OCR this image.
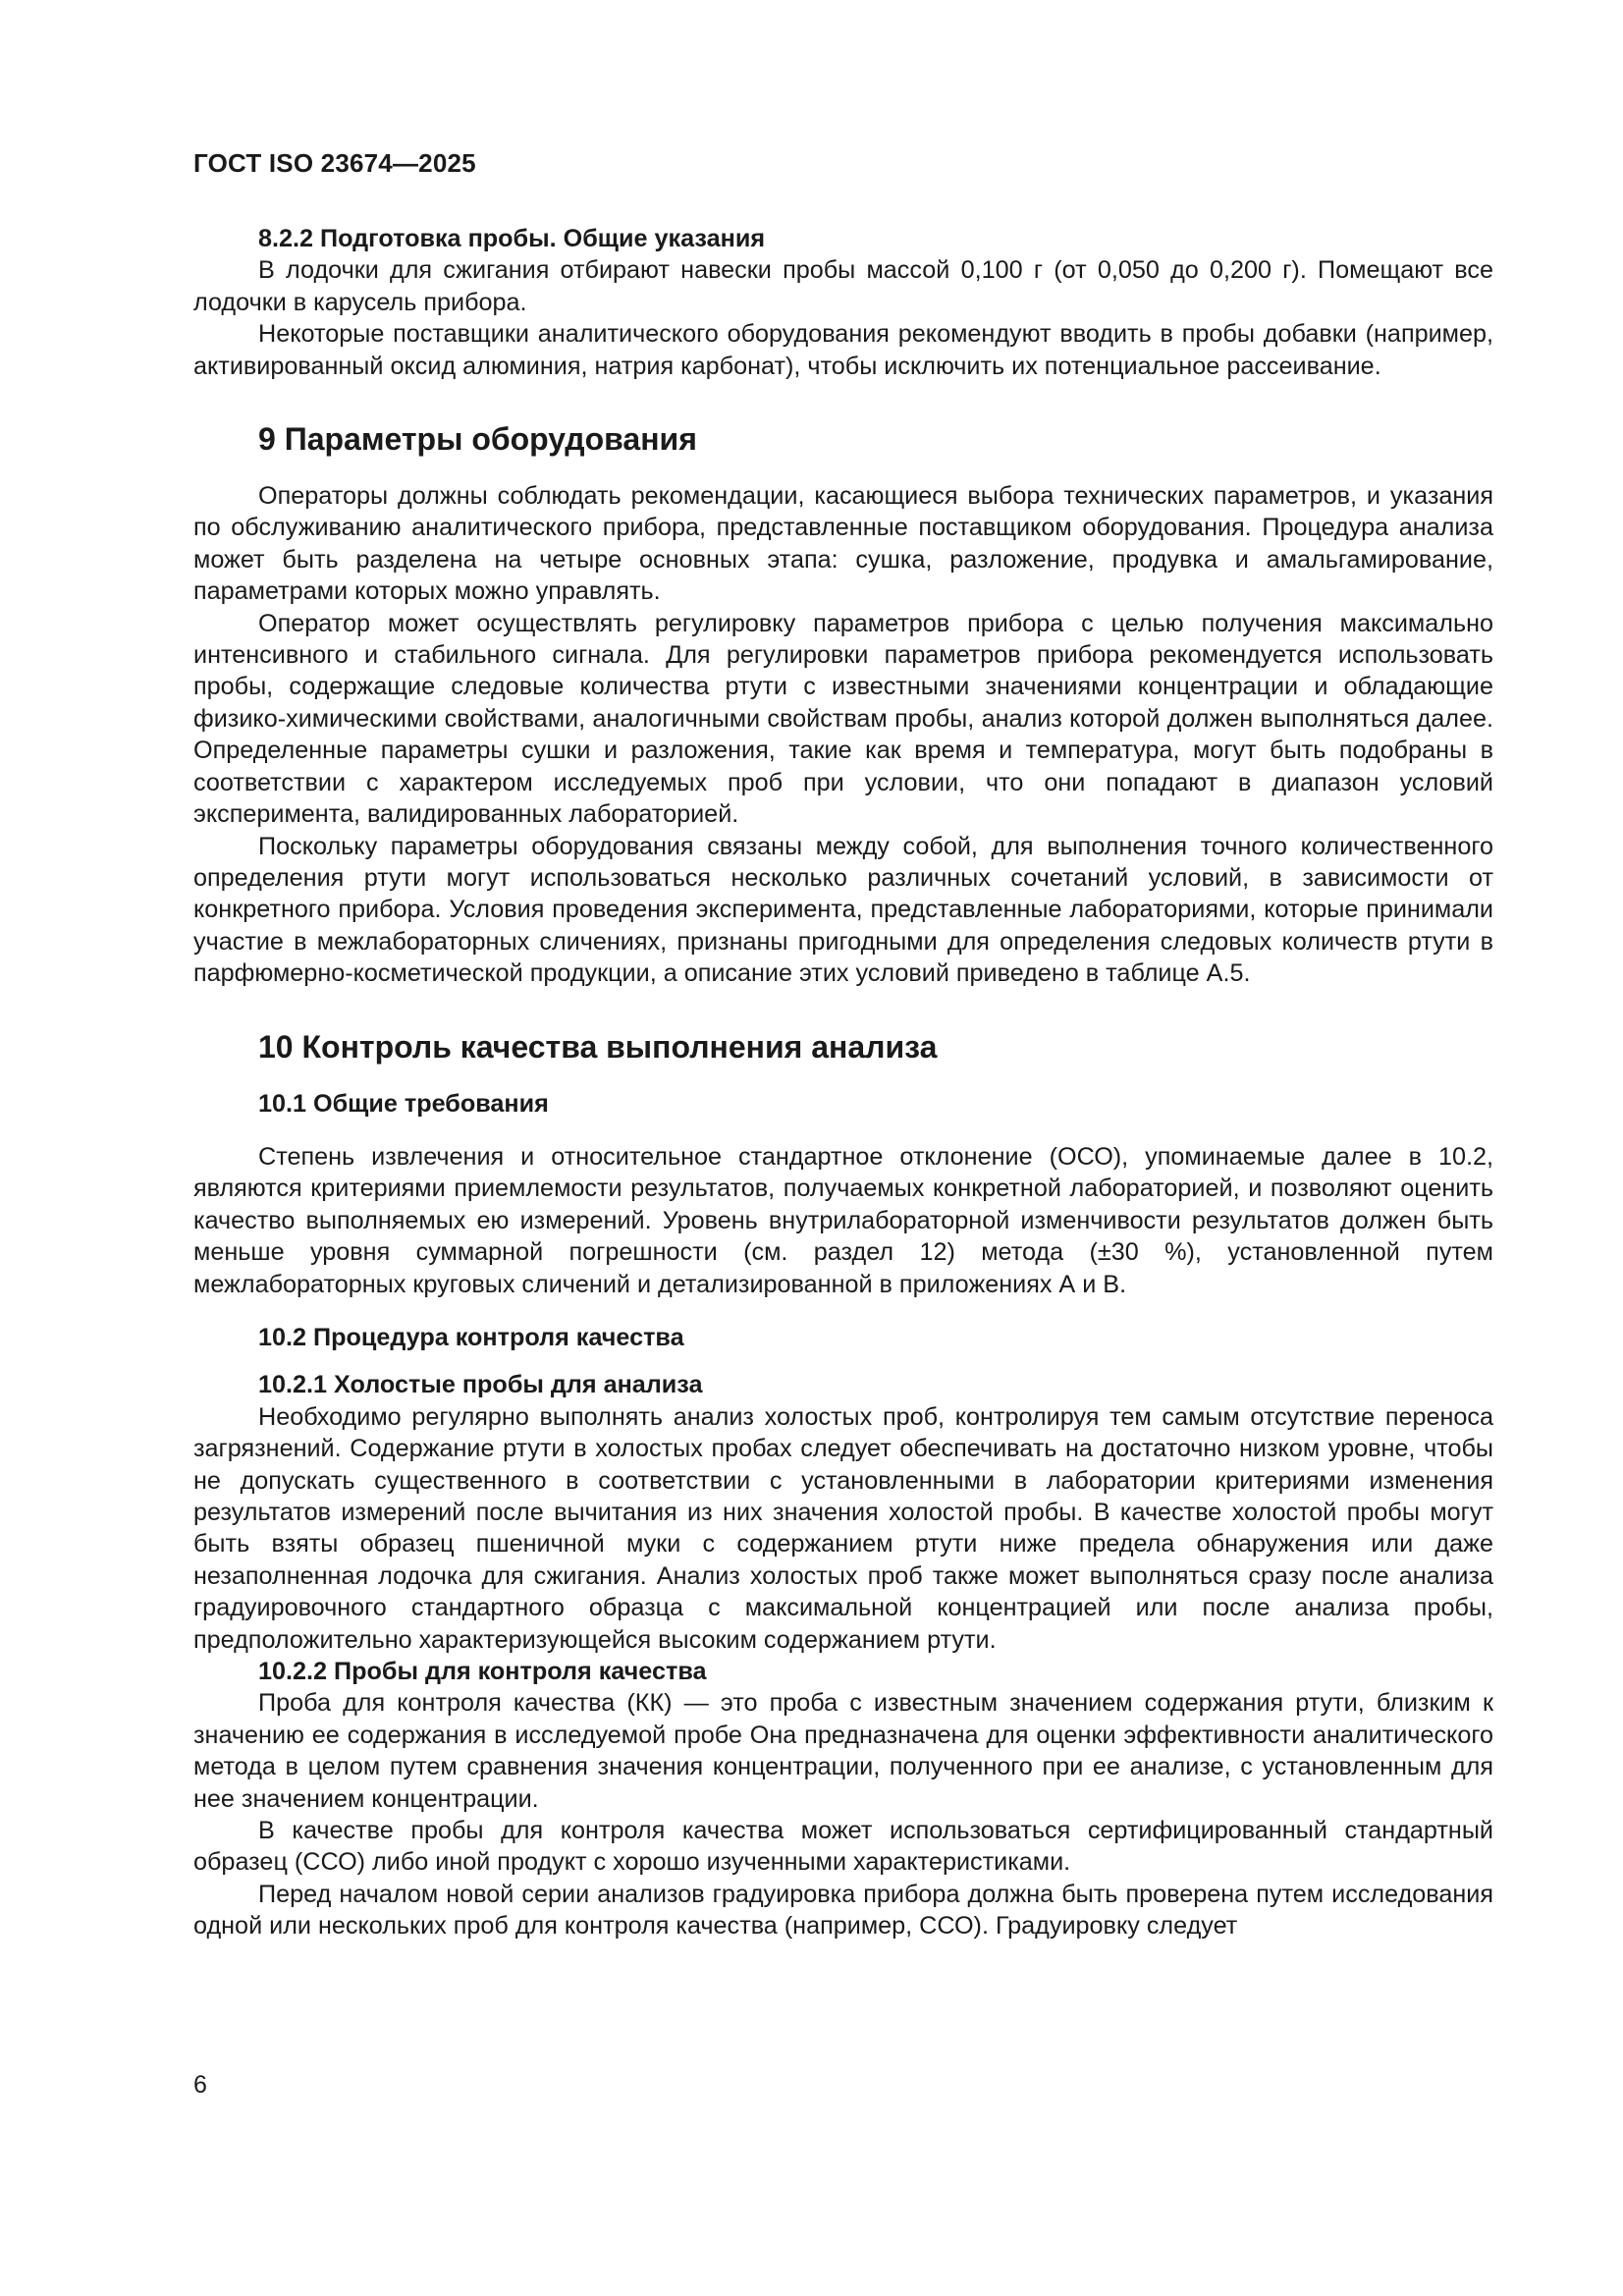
ГОСТ ISO 23674—2025
8.2.2 Подготовка пробы. Общие указания

В лодочки для сжигания отбирают навески пробы массой 0,100 г (от 0,050 до 0,200 г). Помещают все лодочки в карусель прибора.

Некоторые поставщики аналитического оборудования рекомендуют вводить в пробы добавки (например, активированный оксид алюминия, натрия карбонат), чтобы исключить их потенциальное рассеивание.

9 Параметры оборудования

Операторы должны соблюдать рекомендации, касающиеся выбора технических параметров, и указания по обслуживанию аналитического прибора, представленные поставщиком оборудования. Процедура анализа может быть разделена на четыре основных этапа: сушка, разложение, продувка и амальгамирование, параметрами которых можно управлять.

Оператор может осуществлять регулировку параметров прибора с целью получения максимально интенсивного и стабильного сигнала. Для регулировки параметров прибора рекомендуется использовать пробы, содержащие следовые количества ртути с известными значениями концентрации и обладающие физико-химическими свойствами, аналогичными свойствам пробы, анализ которой должен выполняться далее. Определенные параметры сушки и разложения, такие как время и температура, могут быть подобраны в соответствии с характером исследуемых проб при условии, что они попадают в диапазон условий эксперимента, валидированных лабораторией.

Поскольку параметры оборудования связаны между собой, для выполнения точного количественного определения ртути могут использоваться несколько различных сочетаний условий, в зависимости от конкретного прибора. Условия проведения эксперимента, представленные лабораториями, которые принимали участие в межлабораторных сличениях, признаны пригодными для определения следовых количеств ртути в парфюмерно-косметической продукции, а описание этих условий приведено в таблице А.5.

10 Контроль качества выполнения анализа
10.1 Общие требования

Степень извлечения и относительное стандартное отклонение (ОСО), упоминаемые далее в 10.2, являются критериями приемлемости результатов, получаемых конкретной лабораторией, и позволяют оценить качество выполняемых ею измерений. Уровень внутрилабораторной изменчивости результатов должен быть меньше уровня суммарной погрешности (см. раздел 12) метода (±30 %), установленной путем межлабораторных круговых сличений и детализированной в приложениях А и В.

10.2 Процедура контроля качества
10.2.1 Холостые пробы для анализа

Необходимо регулярно выполнять анализ холостых проб, контролируя тем самым отсутствие переноса загрязнений. Содержание ртути в холостых пробах следует обеспечивать на достаточно низком уровне, чтобы не допускать существенного в соответствии с установленными в лаборатории критериями изменения результатов измерений после вычитания из них значения холостой пробы. В качестве холостой пробы могут быть взяты образец пшеничной муки с содержанием ртути ниже предела обнаружения или даже незаполненная лодочка для сжигания. Анализ холостых проб также может выполняться сразу после анализа градуировочного стандартного образца с максимальной концентрацией или после анализа пробы, предположительно характеризующейся высоким содержанием ртути.

10.2.2 Пробы для контроля качества

Проба для контроля качества (КК) — это проба с известным значением содержания ртути, близким к значению ее содержания в исследуемой пробе Она предназначена для оценки эффективности аналитического метода в целом путем сравнения значения концентрации, полученного при ее анализе, с установленным для нее значением концентрации.

В качестве пробы для контроля качества может использоваться сертифицированный стандартный образец (ССО) либо иной продукт с хорошо изученными характеристиками.

Перед началом новой серии анализов градуировка прибора должна быть проверена путем исследования одной или нескольких проб для контроля качества (например, ССО). Градуировку следует

6
